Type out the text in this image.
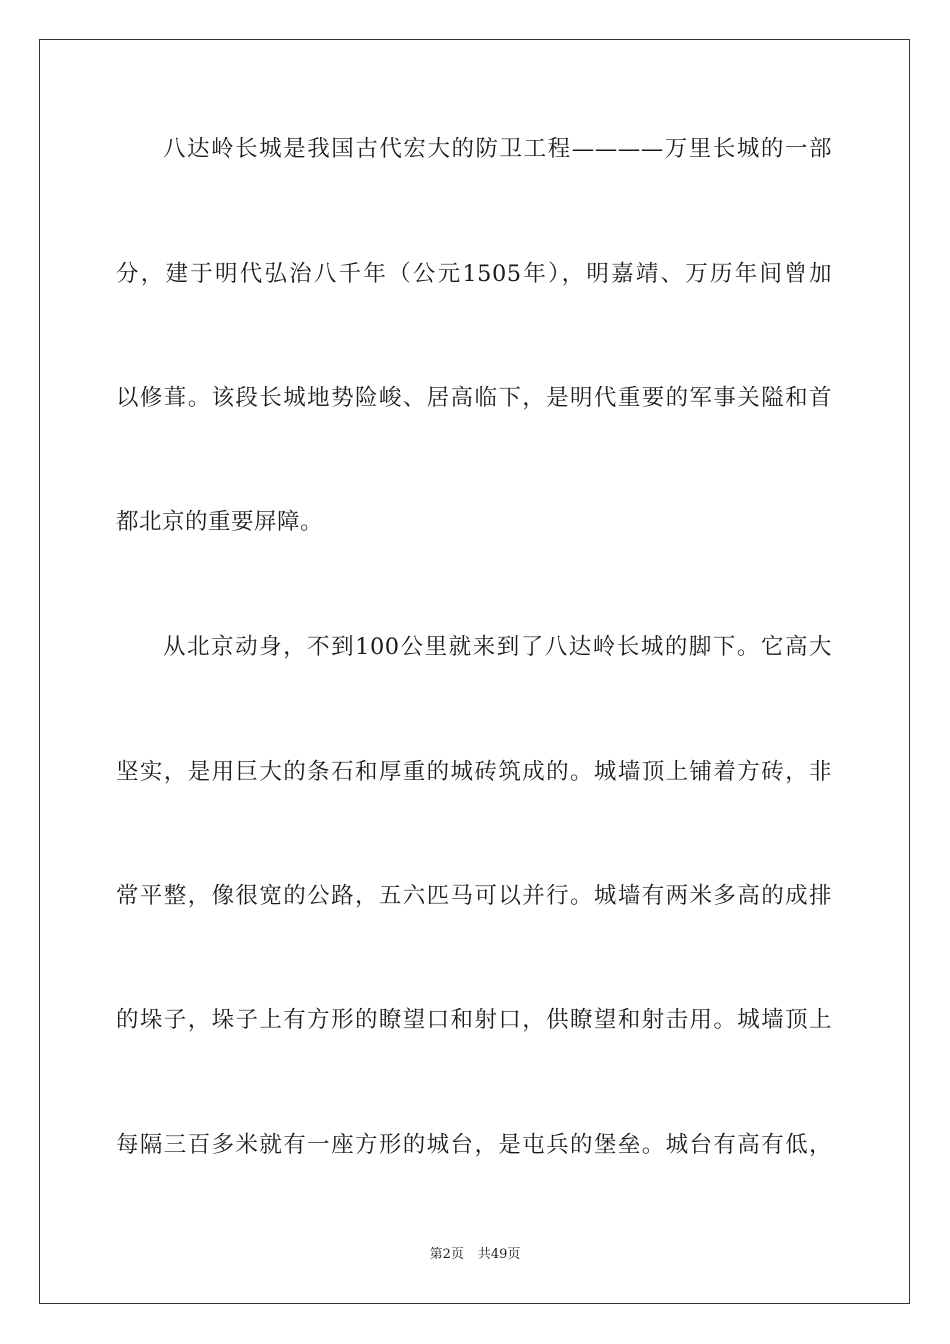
八达岭长城是我国古代宏大的防卫工程————万里长城的一部
分，建于明代弘治八千年（公元1505年），明嘉靖、万历年间曾加
以修葺。该段长城地势险峻、居高临下，是明代重要的军事关隘和首
都北京的重要屏障。
从北京动身，不到100公里就来到了八达岭长城的脚下。它高大
坚实，是用巨大的条石和厚重的城砖筑成的。城墙顶上铺着方砖，非
常平整，像很宽的公路，五六匹马可以并行。城墙有两米多高的成排
的垛子，垛子上有方形的瞭望口和射口，供瞭望和射击用。城墙顶上
每隔三百多米就有一座方形的城台，是屯兵的堡垒。城台有高有低，
第2页 共49页
